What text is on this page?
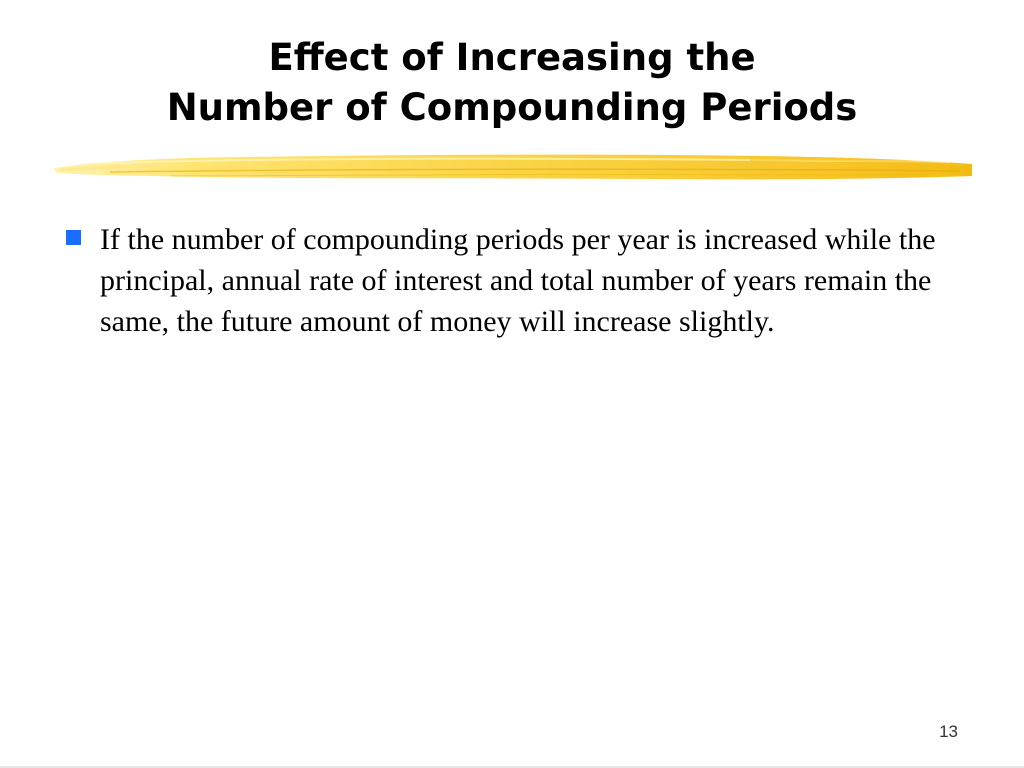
Effect of Increasing the
Number of Compounding Periods
If the number of compounding periods per year is increased while the principal, annual rate of interest and total number of years remain the same, the future amount of money will increase slightly.
13
